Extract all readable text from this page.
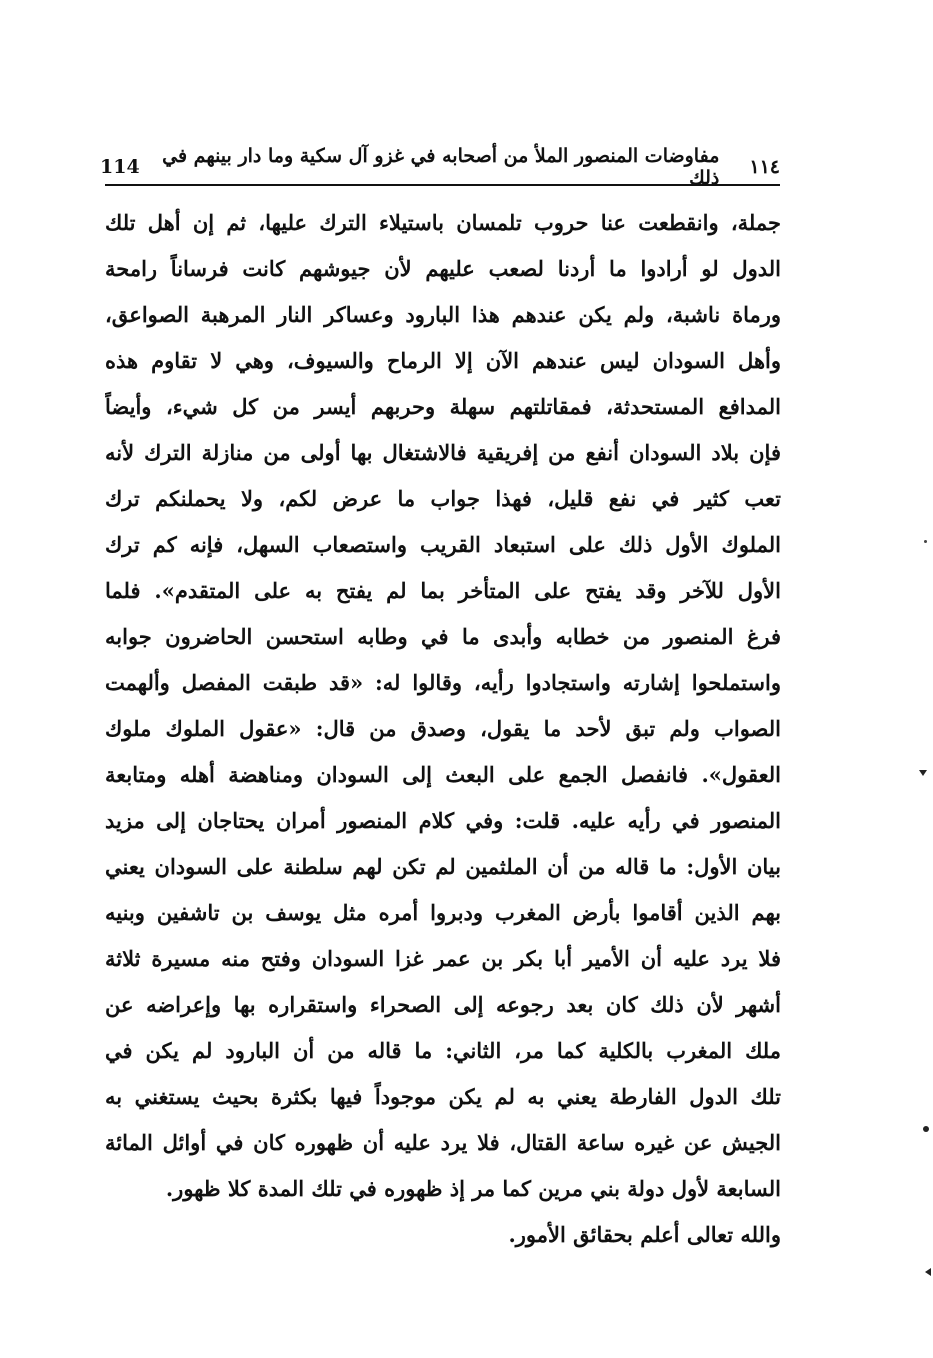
١١٤
مفاوضات المنصور الملأ من أصحابه في غزو آل سكية وما دار بينهم في ذلك
114
جملة، وانقطعت عنا حروب تلمسان باستيلاء الترك عليها، ثم إن أهل تلك
الدول لو أرادوا ما أردنا لصعب عليهم لأن جيوشهم كانت فرساناً رامحة
ورماة ناشبة، ولم يكن عندهم هذا البارود وعساكر النار المرهبة الصواعق،
وأهل السودان ليس عندهم الآن إلا الرماح والسيوف، وهي لا تقاوم هذه
المدافع المستحدثة، فمقاتلتهم سهلة وحربهم أيسر من كل شيء، وأيضاً
فإن بلاد السودان أنفع من إفريقية فالاشتغال بها أولى من منازلة الترك لأنه
تعب كثير في نفع قليل، فهذا جواب ما عرض لكم، ولا يحملنكم ترك
الملوك الأول ذلك على استبعاد القريب واستصعاب السهل، فإنه كم ترك
الأول للآخر وقد يفتح على المتأخر بما لم يفتح به على المتقدم». فلما
فرغ المنصور من خطابه وأبدى ما في وطابه استحسن الحاضرون جوابه
واستملحوا إشارته واستجادوا رأيه، وقالوا له: «قد طبقت المفصل وألهمت
الصواب ولم تبق لأحد ما يقول، وصدق من قال: «عقول الملوك ملوك
العقول». فانفصل الجمع على البعث إلى السودان ومناهضة أهله ومتابعة
المنصور في رأيه عليه. قلت: وفي كلام المنصور أمران يحتاجان إلى مزيد
بيان الأول: ما قاله من أن الملثمين لم تكن لهم سلطنة على السودان يعني
بهم الذين أقاموا بأرض المغرب ودبروا أمره مثل يوسف بن تاشفين وبنيه
فلا يرد عليه أن الأمير أبا بكر بن عمر غزا السودان وفتح منه مسيرة ثلاثة
أشهر لأن ذلك كان بعد رجوعه إلى الصحراء واستقراره بها وإعراضه عن
ملك المغرب بالكلية كما مر، الثاني: ما قاله من أن البارود لم يكن في
تلك الدول الفارطة يعني به لم يكن موجوداً فيها بكثرة بحيث يستغني به
الجيش عن غيره ساعة القتال، فلا يرد عليه أن ظهوره كان في أوائل المائة
السابعة لأول دولة بني مرين كما مر إذ ظهوره في تلك المدة كلا ظهور.
والله تعالى أعلم بحقائق الأمور.
